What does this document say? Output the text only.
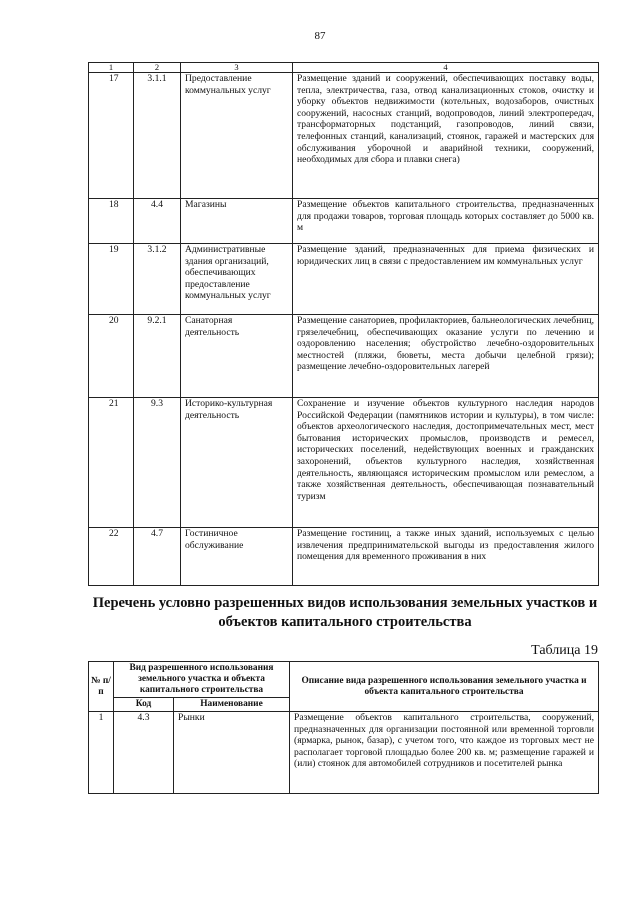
87
1	2	3	4
17	3.1.1	Предоставление коммунальных услуг	Размещение зданий и сооружений, обеспечивающих поставку воды, тепла, электричества, газа, отвод канализационных стоков, очистку и уборку объектов недвижимости (котельных, водозаборов, очистных сооружений, насосных станций, водопроводов, линий электропередач, трансформаторных подстанций, газопроводов, линий связи, телефонных станций, канализаций, стоянок, гаражей и мастерских для обслуживания уборочной и аварийной техники, сооружений, необходимых для сбора и плавки снега)
18	4.4	Магазины	Размещение объектов капитального строительства, предназначенных для продажи товаров, торговая площадь которых составляет до 5000 кв. м
19	3.1.2	Административные здания организаций, обеспечивающих предоставление коммунальных услуг	Размещение зданий, предназначенных для приема физических и юридических лиц в связи с предоставлением им коммунальных услуг
20	9.2.1	Санаторная деятельность	Размещение санаториев, профилакториев, бальнеологических лечебниц, грязелечебниц, обеспечивающих оказание услуги по лечению и оздоровлению населения; обустройство лечебно-оздоровительных местностей (пляжи, бюветы, места добычи целебной грязи); размещение лечебно-оздоровительных лагерей
21	9.3	Историко-культурная деятельность	Сохранение и изучение объектов культурного наследия народов Российской Федерации (памятников истории и культуры), в том числе: объектов археологического наследия, достопримечательных мест, мест бытования исторических промыслов, производств и ремесел, исторических поселений, недействующих военных и гражданских захоронений, объектов культурного наследия, хозяйственная деятельность, являющаяся историческим промыслом или ремеслом, а также хозяйственная деятельность, обеспечивающая познавательный туризм
22	4.7	Гостиничное обслуживание	Размещение гостиниц, а также иных зданий, используемых с целью извлечения предпринимательской выгоды из предоставления жилого помещения для временного проживания в них
Перечень условно разрешенных видов использования земельных участков и объектов капитального строительства
Таблица 19
№ п/п	Вид разрешенного использования земельного участка и объекта капитального строительства		Описание вида разрешенного использования земельного участка и объекта капитального строительства
	Код	Наименование	
1	4.3	Рынки	Размещение объектов капитального строительства, сооружений, предназначенных для организации постоянной или временной торговли (ярмарка, рынок, базар), с учетом того, что каждое из торговых мест не располагает торговой площадью более 200 кв. м; размещение гаражей и (или) стоянок для автомобилей сотрудников и посетителей рынка
